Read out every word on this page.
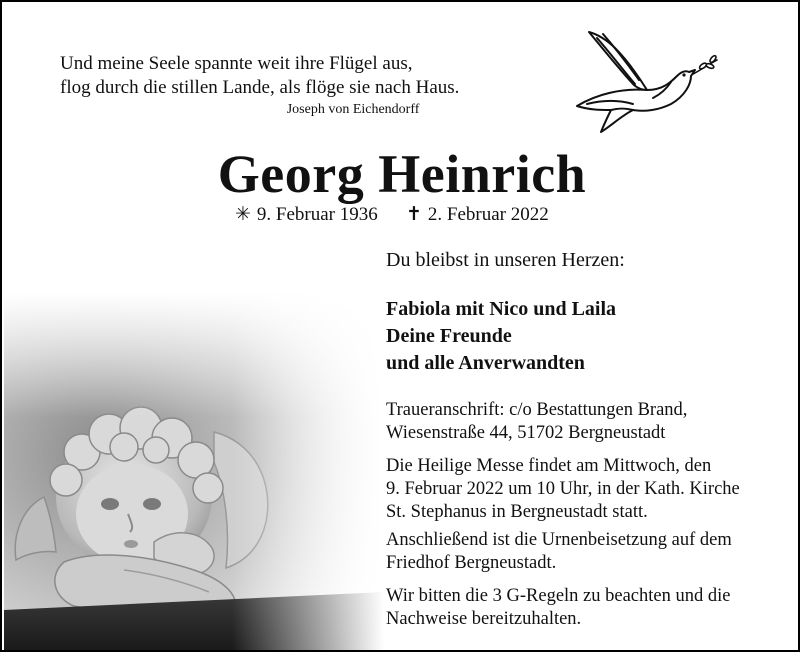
Und meine Seele spannte weit ihre Flügel aus,
flog durch die stillen Lande, als flöge sie nach Haus.
Joseph von Eichendorff
Georg Heinrich
✳ 9. Februar 1936 ✝ 2. Februar 2022
Du bleibst in unseren Herzen:
Fabiola mit Nico und Laila
Deine Freunde
und alle Anverwandten
Traueranschrift: c/o Bestattungen Brand,
Wiesenstraße 44, 51702 Bergneustadt
Die Heilige Messe findet am Mittwoch, den
9. Februar 2022 um 10 Uhr, in der Kath. Kirche
St. Stephanus in Bergneustadt statt.
Anschließend ist die Urnenbeisetzung auf dem
Friedhof Bergneustadt.
Wir bitten die 3 G-Regeln zu beachten und die
Nachweise bereitzuhalten.
